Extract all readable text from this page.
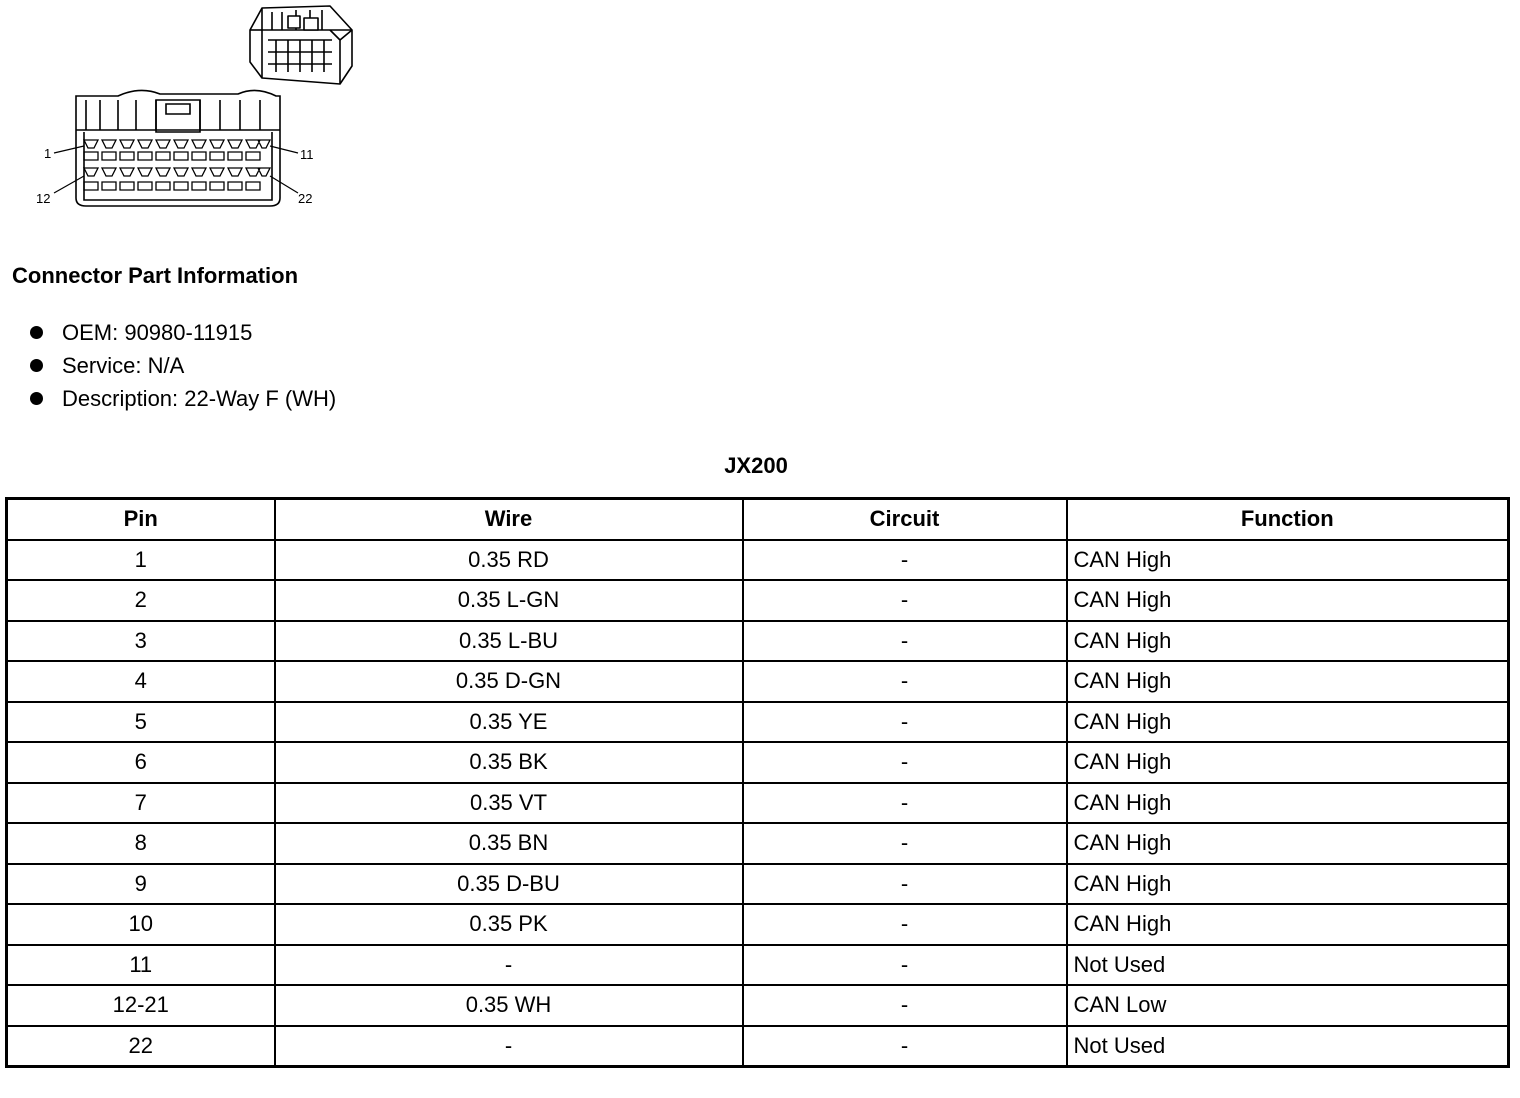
1	11
12	22
Connector Part Information
OEM: 90980-11915
Service: N/A
Description: 22-Way F (WH)
JX200
Pin	Wire	Circuit	Function
1	0.35 RD	-	CAN High
2	0.35 L-GN	-	CAN High
3	0.35 L-BU	-	CAN High
4	0.35 D-GN	-	CAN High
5	0.35 YE	-	CAN High
6	0.35 BK	-	CAN High
7	0.35 VT	-	CAN High
8	0.35 BN	-	CAN High
9	0.35 D-BU	-	CAN High
10	0.35 PK	-	CAN High
11	-	-	Not Used
12-21	0.35 WH	-	CAN Low
22	-	-	Not Used
